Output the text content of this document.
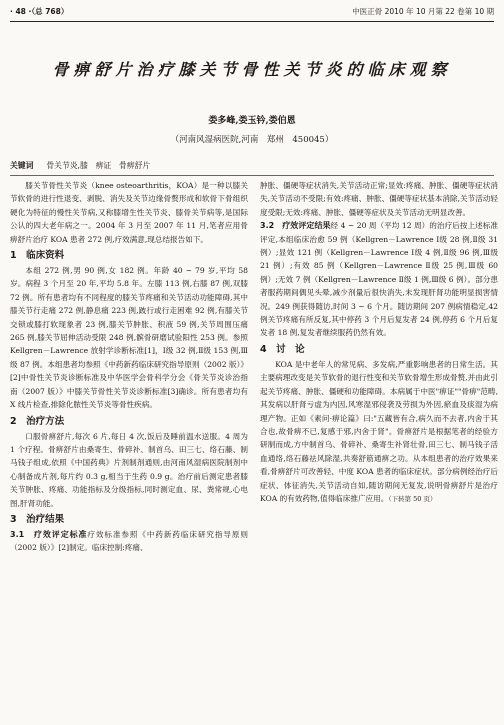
· 48 ·（总 768）	中医正骨 2010 年 10 月第 22 卷第 10 期
骨痹舒片治疗膝关节骨性关节炎的临床观察
娄多峰,娄玉钤,娄伯恩
（河南风湿病医院,河南　郑州　450045）
关键词 骨关节炎,膝　痹证　骨痹舒片

膝关节骨性关节炎（knee osteoarthritis，KOA）是一种以膝关节软骨的进行性退变、剥脱、消失及关节边缘骨赘形成和软骨下骨组织硬化为特征的慢性关节病,又称膝增生性关节炎、膝骨关节病等,是国际公认的四大老年病之一。2004 年 3 月至 2007 年 11 月,笔者应用骨痹舒片治疗 KOA 患者 272 例,疗效满意,现总结报告如下。

1　临床资料

本组 272 例,男 90 例,女 182 例。年龄 40 ~ 79 岁,平均 58 岁。病程 3 个月至 20 年,平均 5.8 年。左膝 113 例,右膝 87 例,双膝 72 例。所有患者均有不同程度的膝关节疼痛和关节活动功能障碍,其中膝关节行走痛 272 例,静息痛 223 例,跛行或行走困难 92 例,有膝关节交锁或膝打软现象者 23 例,膝关节肿胀、积液 59 例,关节周围压痛 265 例,膝关节屈伸活动受限 248 例,髌骨研磨试验阳性 253 例。参照 Kellgren－Lawrence 放射学诊断标准[1]，Ⅰ级 32 例,Ⅱ级 153 例,Ⅲ级 87 例。本组患者均参照《中药新药临床研究指导原则（2002 版）》[2]中骨性关节炎诊断标准及中华医学会骨科学分会《骨关节炎诊治指南（2007 版）》中膝关节骨性关节炎诊断标准[3]确诊。所有患者均有 X 线片检查,排除化脓性关节炎等骨性疾病。

2　治疗方法

口服骨痹舒片,每次 6 片,每日 4 次,饭后及睡前温水送服。4 周为 1 个疗程。骨痹舒片由桑寄生、骨碎补、制首乌、田三七、络石藤、制马钱子组成,依照《中国药典》片剂制剂通则,由河南风湿病医院制剂中心制备成片剂,每片约 0.3 g,相当于生药 0.9 g。治疗前后测定患者膝关节肿胀、疼痛、功能指标及分级指标,同时测定血、尿、粪常规,心电图,肝肾功能。

3　治疗结果

3.1　疗效评定标准疗效标准参照《中药新药临床研究指导原则（2002 版）》[2]制定。临床控制:疼痛、

肿胀、僵硬等症状消失,关节活动正常;显效:疼痛、肿胀、僵硬等症状消失,关节活动不受限;有效:疼痛、肿胀、僵硬等症状基本消除,关节活动轻度受限;无效:疼痛、肿胀、僵硬等症状及关节活动无明显改善。

3.2　疗效评定结果经 4 ~ 20 周（平均 12 周）的治疗后按上述标准评定,本组临床治愈 59 例（Kellgren－Lawrence Ⅰ级 28 例,Ⅱ级 31 例）;显效 121 例（Kellgren－Lawrence Ⅰ级 4 例,Ⅱ级 96 例,Ⅲ级 21 例）;有效 85 例（Kellgren－Lawrence Ⅱ级 25 例,Ⅲ级 60 例）;无效 7 例（Kellgren－Lawrence Ⅱ级 1 例,Ⅲ级 6 例）。部分患者服药期间偶见头晕,减少剂量后很快消失,未发现肝肾功能明显损害情况。249 例获得随访,时间 3 ~ 6 个月。随访期间 207 例病情稳定,42 例关节疼痛有所反复,其中停药 3 个月后复发者 24 例,停药 6 个月后复发者 18 例,复发者继续服药仍然有效。

4　讨　论

KOA 是中老年人的常见病、多发病,严重影响患者的日常生活。其主要病理改变是关节软骨的退行性变和关节软骨增生形成骨赘,并由此引起关节疼痛、肿胀、僵硬和功能障碍。本病属于中医"痹证""骨痹"范畴,其发病以肝肾亏虚为内因,风寒湿邪侵袭及劳损为外因,瘀血及痰湿为病理产物。正如《素问·痹论篇》曰:"五藏皆有合,病久而不去者,内舍于其合也,故骨痹不已,复感于邪,内舍于肾"。骨痹舒片是根据笔者的经验方研制而成,方中制首乌、骨碎补、桑寄生补肾壮骨,田三七、制马钱子活血通络,络石藤祛风除湿,共奏舒筋通痹之功。从本组患者的治疗效果来看,骨痹舒片可改善轻、中度 KOA 患者的临床症状。部分病例经治疗后症状、体征消失,关节活动自如,随访期间无复发,说明骨痹舒片是治疗 KOA 的有效药物,值得临床推广应用。（下转第 50 页）
